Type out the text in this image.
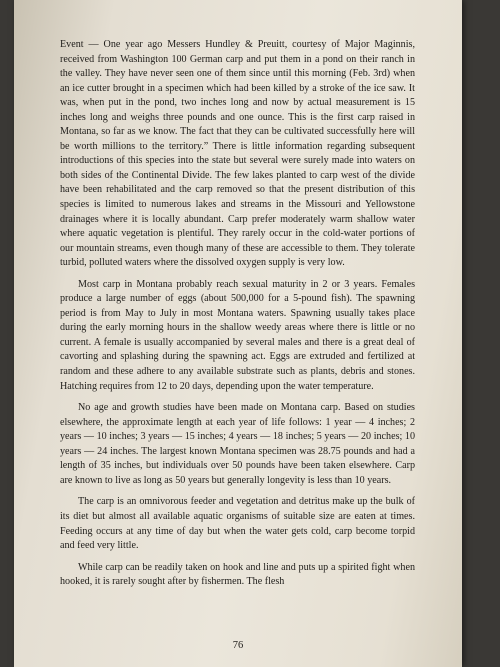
Event — One year ago Messers Hundley & Preuitt, courtesy of Major Maginnis, received from Washington 100 German carp and put them in a pond on their ranch in the valley. They have never seen one of them since until this morning (Feb. 3rd) when an ice cutter brought in a specimen which had been killed by a stroke of the ice saw. It was, when put in the pond, two inches long and now by actual measurement is 15 inches long and weighs three pounds and one ounce. This is the first carp raised in Montana, so far as we know. The fact that they can be cultivated successfully here will be worth millions to the territory.” There is little information regarding subsequent introductions of this species into the state but several were surely made into waters on both sides of the Continental Divide. The few lakes planted to carp west of the divide have been rehabilitated and the carp removed so that the present distribution of this species is limited to numerous lakes and streams in the Missouri and Yellowstone drainages where it is locally abundant. Carp prefer moderately warm shallow water where aquatic vegetation is plentiful. They rarely occur in the cold-water portions of our mountain streams, even though many of these are accessible to them. They tolerate turbid, polluted waters where the dissolved oxygen supply is very low.

Most carp in Montana probably reach sexual maturity in 2 or 3 years. Females produce a large number of eggs (about 500,000 for a 5-pound fish). The spawning period is from May to July in most Montana waters. Spawning usually takes place during the early morning hours in the shallow weedy areas where there is little or no current. A female is usually accompanied by several males and there is a great deal of cavorting and splashing during the spawning act. Eggs are extruded and fertilized at random and these adhere to any available substrate such as plants, debris and stones. Hatching requires from 12 to 20 days, depending upon the water temperature.

No age and growth studies have been made on Montana carp. Based on studies elsewhere, the approximate length at each year of life follows: 1 year — 4 inches; 2 years — 10 inches; 3 years — 15 inches; 4 years — 18 inches; 5 years — 20 inches; 10 years — 24 inches. The largest known Montana specimen was 28.75 pounds and had a length of 35 inches, but individuals over 50 pounds have been taken elsewhere. Carp are known to live as long as 50 years but generally longevity is less than 10 years.

The carp is an omnivorous feeder and vegetation and detritus make up the bulk of its diet but almost all available aquatic organisms of suitable size are eaten at times. Feeding occurs at any time of day but when the water gets cold, carp become torpid and feed very little.

While carp can be readily taken on hook and line and puts up a spirited fight when hooked, it is rarely sought after by fishermen. The flesh

76
